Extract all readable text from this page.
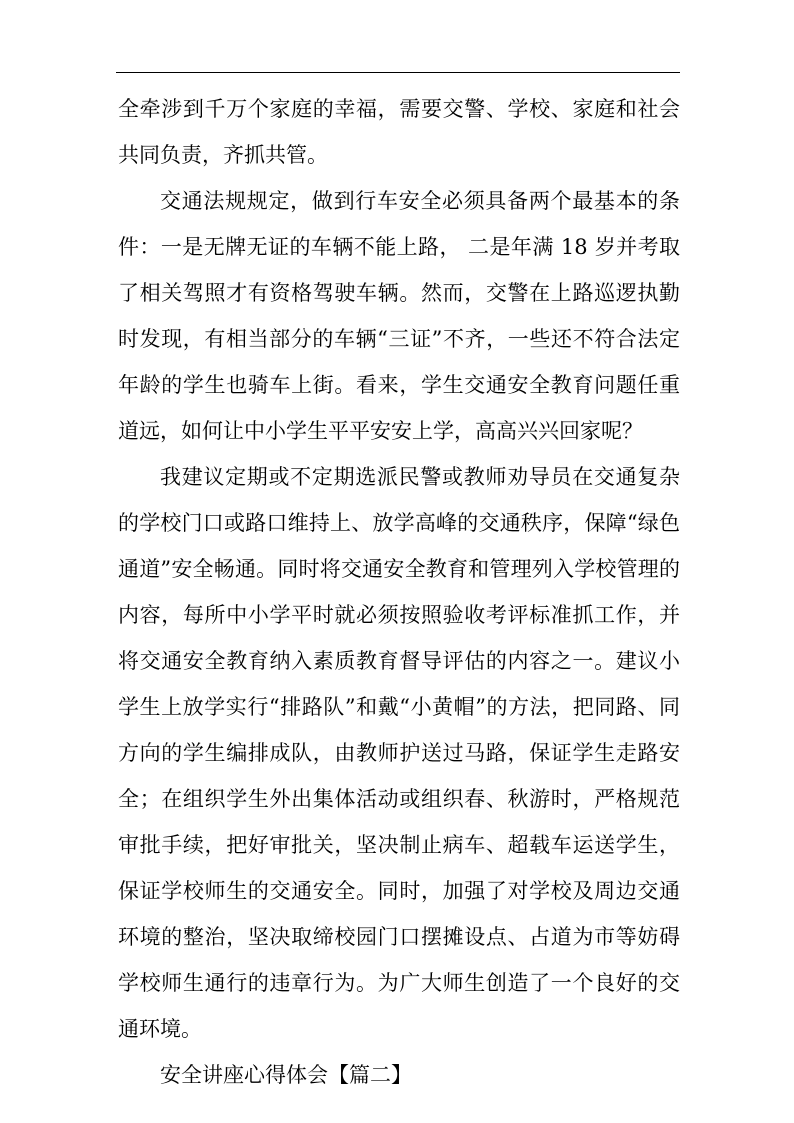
全牵涉到千万个家庭的幸福，需要交警、学校、家庭和社会共同负责，齐抓共管。

交通法规规定，做到行车安全必须具备两个最基本的条件：一是无牌无证的车辆不能上路， 二是年满 18 岁并考取了相关驾照才有资格驾驶车辆。然而，交警在上路巡逻执勤时发现，有相当部分的车辆“三证”不齐，一些还不符合法定年龄的学生也骑车上街。看来，学生交通安全教育问题任重道远，如何让中小学生平平安安上学，高高兴兴回家呢？

我建议定期或不定期选派民警或教师劝导员在交通复杂的学校门口或路口维持上、放学高峰的交通秩序，保障“绿色通道”安全畅通。同时将交通安全教育和管理列入学校管理的内容，每所中小学平时就必须按照验收考评标准抓工作，并将交通安全教育纳入素质教育督导评估的内容之一。建议小学生上放学实行“排路队”和戴“小黄帽”的方法，把同路、同方向的学生编排成队，由教师护送过马路，保证学生走路安全；在组织学生外出集体活动或组织春、秋游时，严格规范审批手续，把好审批关，坚决制止病车、超载车运送学生，保证学校师生的交通安全。同时，加强了对学校及周边交通环境的整治，坚决取缔校园门口摆摊设点、占道为市等妨碍学校师生通行的违章行为。为广大师生创造了一个良好的交通环境。

安全讲座心得体会【篇二】
